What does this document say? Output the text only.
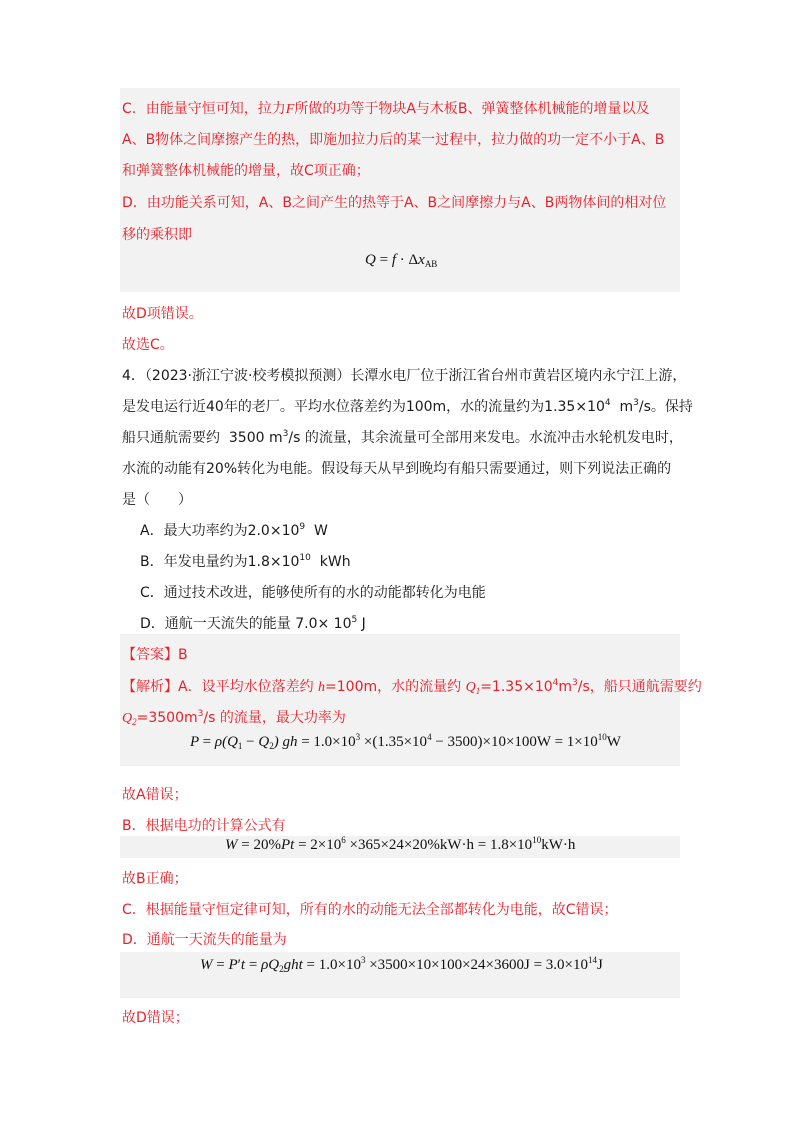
C．由能量守恒可知，拉力F所做的功等于物块A与木板B、弹簧整体机械能的增量以及
A、B物体之间摩擦产生的热，即施加拉力后的某一过程中，拉力做的功一定不小于A、B
和弹簧整体机械能的增量，故C项正确；
D．由功能关系可知，A、B之间产生的热等于A、B之间摩擦力与A、B两物体间的相对位
移的乘积即
$Q = f \cdot \Delta x_{AB}$
故D项错误。
故选C。
4．（2023·浙江宁波·校考模拟预测）长潭水电厂位于浙江省台州市黄岩区境内永宁江上游，
是发电运行近40年的老厂。平均水位落差约为100m，水的流量约为$1.35\times 10^4$  $m^3/s$。保持
船只通航需要约  3500 $m^3/s$ 的流量，其余流量可全部用来发电。水流冲击水轮机发电时，
水流的动能有20%转化为电能。假设每天从早到晚均有船只需要通过，则下列说法正确的
是（　　）
A．最大功率约为$2.0\times 10^9$  W
B．年发电量约为$1.8\times 10^{10}$  kWh
C．通过技术改进，能够使所有的水的动能都转化为电能
D．通航一天流失的能量 $7.0\times 10^5$ J
【答案】B
【解析】A．设平均水位落差约 h=100m，水的流量约 $Q_1=1.35\times 10^4m^3/s$，船只通航需要约
$Q_2=3500m^3/s$ 的流量，最大功率为
$P = \rho(Q_1 - Q_2)$ gh = $1.0\times 10^3 \times(1.35\times 10^4 - 3500)\times 10\times 100W = 1\times 10^{10}W$
故A错误；
B．根据电功的计算公式有
$W = 20\%Pt = 2\times 10^6 \times 365\times 24\times 20\%kW\cdot h = 1.8\times 10^{10}kW\cdot h$
故B正确；
C．根据能量守恒定律可知，所有的水的动能无法全部都转化为电能，故C错误；
D．通航一天流失的能量为
$W = P't = \rho Q_2ght = 1.0\times 10^3 \times 3500\times 10\times 100\times 24\times 3600J = 3.0\times 10^{14}J$
故D错误；
